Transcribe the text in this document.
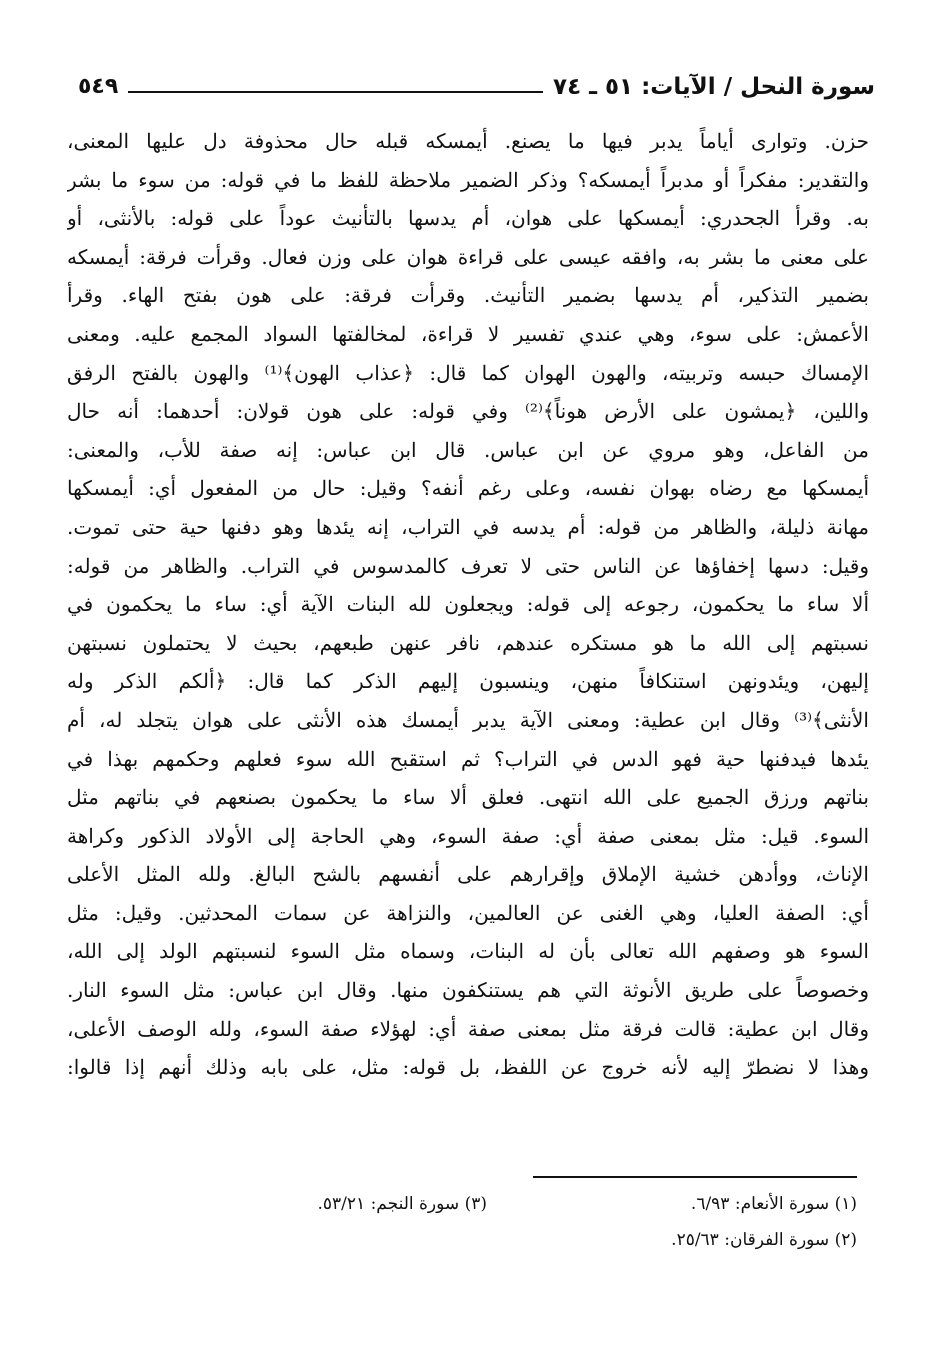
سورة النحل / الآيات: ٥١ ـ ٧٤
٥٤٩
حزن. وتوارى أياماً يدبر فيها ما يصنع. أيمسكه قبله حال محذوفة دل عليها المعنى،
والتقدير: مفكراً أو مدبراً أيمسكه؟ وذكر الضمير ملاحظة للفظ ما في قوله: من سوء ما بشر
به. وقرأ الجحدري: أيمسكها على هوان، أم يدسها بالتأنيث عوداً على قوله: بالأنثى، أو
على معنى ما بشر به، وافقه عيسى على قراءة هوان على وزن فعال. وقرأت فرقة: أيمسكه
بضمير التذكير، أم يدسها بضمير التأنيث. وقرأت فرقة: على هون بفتح الهاء. وقرأ
الأعمش: على سوء، وهي عندي تفسير لا قراءة، لمخالفتها السواد المجمع عليه. ومعنى
الإمساك حبسه وتربيته، والهون الهوان كما قال: ﴿عذاب الهون﴾⁽¹⁾ والهون بالفتح الرفق
واللين، ﴿يمشون على الأرض هوناً﴾⁽²⁾ وفي قوله: على هون قولان: أحدهما: أنه حال
من الفاعل، وهو مروي عن ابن عباس. قال ابن عباس: إنه صفة للأب، والمعنى:
أيمسكها مع رضاه بهوان نفسه، وعلى رغم أنفه؟ وقيل: حال من المفعول أي: أيمسكها
مهانة ذليلة، والظاهر من قوله: أم يدسه في التراب، إنه يئدها وهو دفنها حية حتى تموت.
وقيل: دسها إخفاؤها عن الناس حتى لا تعرف كالمدسوس في التراب. والظاهر من قوله:
ألا ساء ما يحكمون، رجوعه إلى قوله: ويجعلون لله البنات الآية أي: ساء ما يحكمون في
نسبتهم إلى الله ما هو مستكره عندهم، نافر عنهن طبعهم، بحيث لا يحتملون نسبتهن
إليهن، ويئدونهن استنكافاً منهن، وينسبون إليهم الذكر كما قال: ﴿ألكم الذكر وله
الأنثى﴾⁽³⁾ وقال ابن عطية: ومعنى الآية يدبر أيمسك هذه الأنثى على هوان يتجلد له، أم
يئدها فيدفنها حية فهو الدس في التراب؟ ثم استقبح الله سوء فعلهم وحكمهم بهذا في
بناتهم ورزق الجميع على الله انتهى. فعلق ألا ساء ما يحكمون بصنعهم في بناتهم مثل
السوء. قيل: مثل بمعنى صفة أي: صفة السوء، وهي الحاجة إلى الأولاد الذكور وكراهة
الإناث، ووأدهن خشية الإملاق وإقرارهم على أنفسهم بالشح البالغ. ولله المثل الأعلى
أي: الصفة العليا، وهي الغنى عن العالمين، والنزاهة عن سمات المحدثين. وقيل: مثل
السوء هو وصفهم الله تعالى بأن له البنات، وسماه مثل السوء لنسبتهم الولد إلى الله،
وخصوصاً على طريق الأنوثة التي هم يستنكفون منها. وقال ابن عباس: مثل السوء النار.
وقال ابن عطية: قالت فرقة مثل بمعنى صفة أي: لهؤلاء صفة السوء، ولله الوصف الأعلى،
وهذا لا نضطرّ إليه لأنه خروج عن اللفظ، بل قوله: مثل، على بابه وذلك أنهم إذا قالوا:
(١) سورة الأنعام: ٦/٩٣.
(٣) سورة النجم: ٥٣/٢١.
(٢) سورة الفرقان: ٢٥/٦٣.
